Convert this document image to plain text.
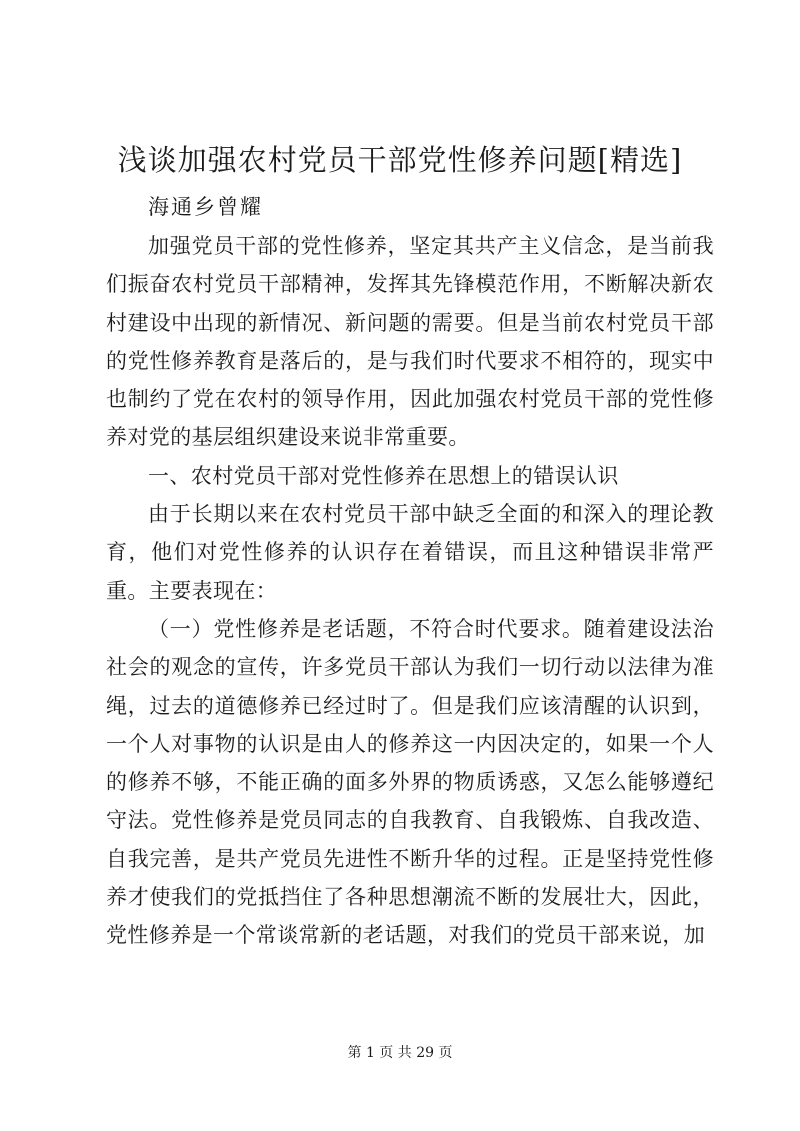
浅谈加强农村党员干部党性修养问题[精选]

海通乡曾耀

加强党员干部的党性修养，坚定其共产主义信念，是当前我们振奋农村党员干部精神，发挥其先锋模范作用，不断解决新农村建设中出现的新情况、新问题的需要。但是当前农村党员干部的党性修养教育是落后的，是与我们时代要求不相符的，现实中也制约了党在农村的领导作用，因此加强农村党员干部的党性修养对党的基层组织建设来说非常重要。

一、农村党员干部对党性修养在思想上的错误认识

由于长期以来在农村党员干部中缺乏全面的和深入的理论教育，他们对党性修养的认识存在着错误，而且这种错误非常严重。主要表现在：

（一）党性修养是老话题，不符合时代要求。随着建设法治社会的观念的宣传，许多党员干部认为我们一切行动以法律为准绳，过去的道德修养已经过时了。但是我们应该清醒的认识到，一个人对事物的认识是由人的修养这一内因决定的，如果一个人的修养不够，不能正确的面多外界的物质诱惑，又怎么能够遵纪守法。党性修养是党员同志的自我教育、自我锻炼、自我改造、自我完善，是共产党员先进性不断升华的过程。正是坚持党性修养才使我们的党抵挡住了各种思想潮流不断的发展壮大，因此，党性修养是一个常谈常新的老话题，对我们的党员干部来说，加

第 1 页 共 29 页
